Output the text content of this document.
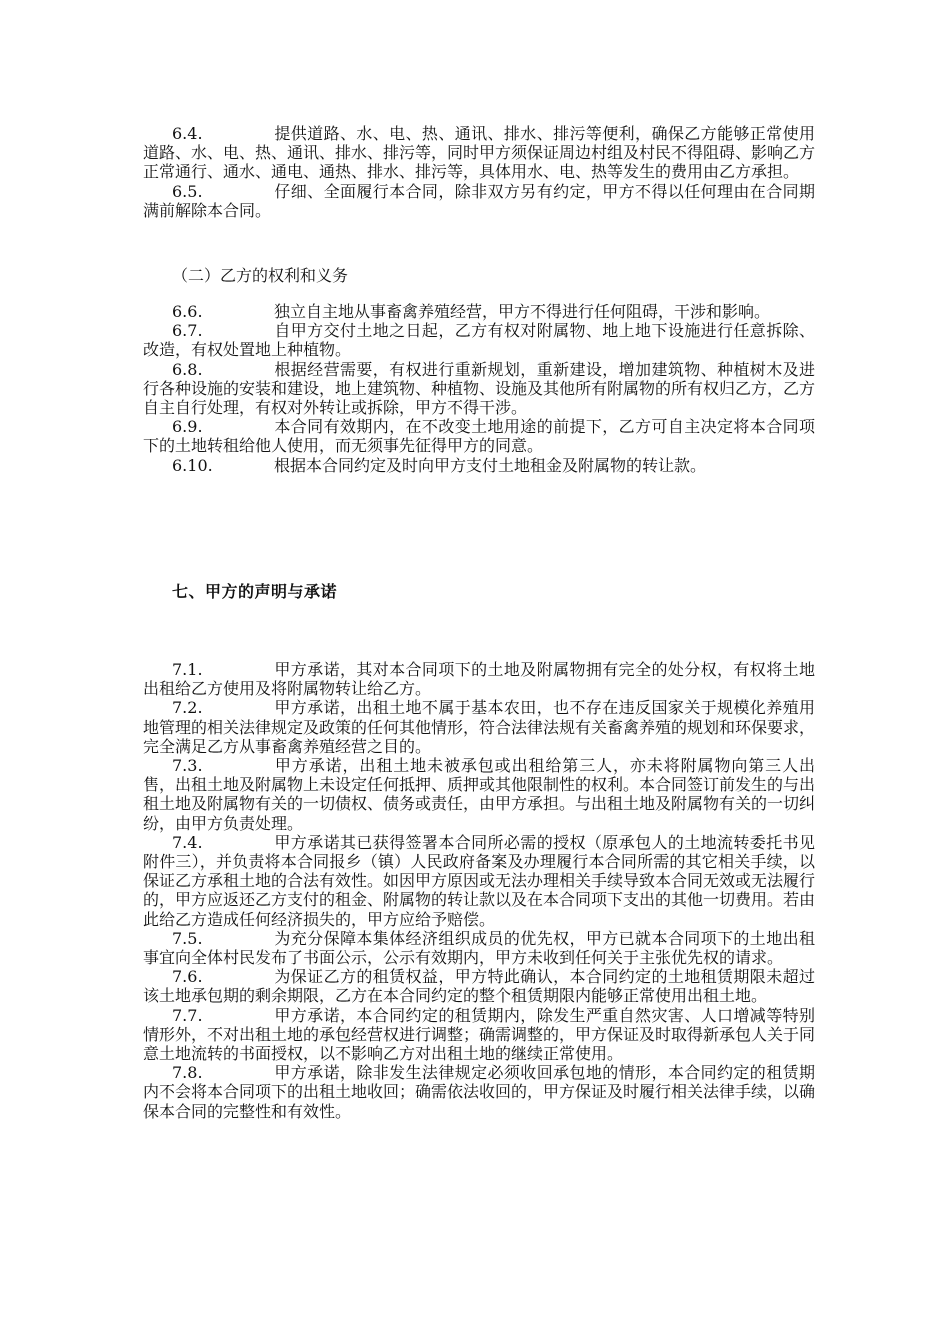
6.4.	提供道路、水、电、热、通讯、排水、排污等便利，确保乙方能够正常使用道路、水、电、热、通讯、排水、排污等，同时甲方须保证周边村组及村民不得阻碍、影响乙方正常通行、通水、通电、通热、排水、排污等，具体用水、电、热等发生的费用由乙方承担。

6.5.	仔细、全面履行本合同，除非双方另有约定，甲方不得以任何理由在合同期满前解除本合同。

（二）乙方的权利和义务

6.6.	独立自主地从事畜禽养殖经营，甲方不得进行任何阻碍，干涉和影响。

6.7.	自甲方交付土地之日起，乙方有权对附属物、地上地下设施进行任意拆除、改造，有权处置地上种植物。

6.8.	根据经营需要，有权进行重新规划，重新建设，增加建筑物、种植树木及进行各种设施的安装和建设，地上建筑物、种植物、设施及其他所有附属物的所有权归乙方，乙方自主自行处理，有权对外转让或拆除，甲方不得干涉。

6.9.	本合同有效期内，在不改变土地用途的前提下，乙方可自主决定将本合同项下的土地转租给他人使用，而无须事先征得甲方的同意。

6.10.	根据本合同约定及时向甲方支付土地租金及附属物的转让款。

七、甲方的声明与承诺

7.1.	甲方承诺，其对本合同项下的土地及附属物拥有完全的处分权，有权将土地出租给乙方使用及将附属物转让给乙方。

7.2.	甲方承诺，出租土地不属于基本农田，也不存在违反国家关于规模化养殖用地管理的相关法律规定及政策的任何其他情形，符合法律法规有关畜禽养殖的规划和环保要求，完全满足乙方从事畜禽养殖经营之目的。

7.3.	甲方承诺，出租土地未被承包或出租给第三人，亦未将附属物向第三人出售，出租土地及附属物上未设定任何抵押、质押或其他限制性的权利。本合同签订前发生的与出租土地及附属物有关的一切债权、债务或责任，由甲方承担。与出租土地及附属物有关的一切纠纷，由甲方负责处理。

7.4.	甲方承诺其已获得签署本合同所必需的授权（原承包人的土地流转委托书见附件三），并负责将本合同报乡（镇）人民政府备案及办理履行本合同所需的其它相关手续，以保证乙方承租土地的合法有效性。如因甲方原因或无法办理相关手续导致本合同无效或无法履行的，甲方应返还乙方支付的租金、附属物的转让款以及在本合同项下支出的其他一切费用。若由此给乙方造成任何经济损失的，甲方应给予赔偿。

7.5.	为充分保障本集体经济组织成员的优先权，甲方已就本合同项下的土地出租事宜向全体村民发布了书面公示，公示有效期内，甲方未收到任何关于主张优先权的请求。

7.6.	为保证乙方的租赁权益，甲方特此确认，本合同约定的土地租赁期限未超过该土地承包期的剩余期限，乙方在本合同约定的整个租赁期限内能够正常使用出租土地。

7.7.	甲方承诺，本合同约定的租赁期内，除发生严重自然灾害、人口增减等特别情形外，不对出租土地的承包经营权进行调整；确需调整的，甲方保证及时取得新承包人关于同意土地流转的书面授权，以不影响乙方对出租土地的继续正常使用。

7.8.	甲方承诺，除非发生法律规定必须收回承包地的情形，本合同约定的租赁期内不会将本合同项下的出租土地收回；确需依法收回的，甲方保证及时履行相关法律手续，以确保本合同的完整性和有效性。
